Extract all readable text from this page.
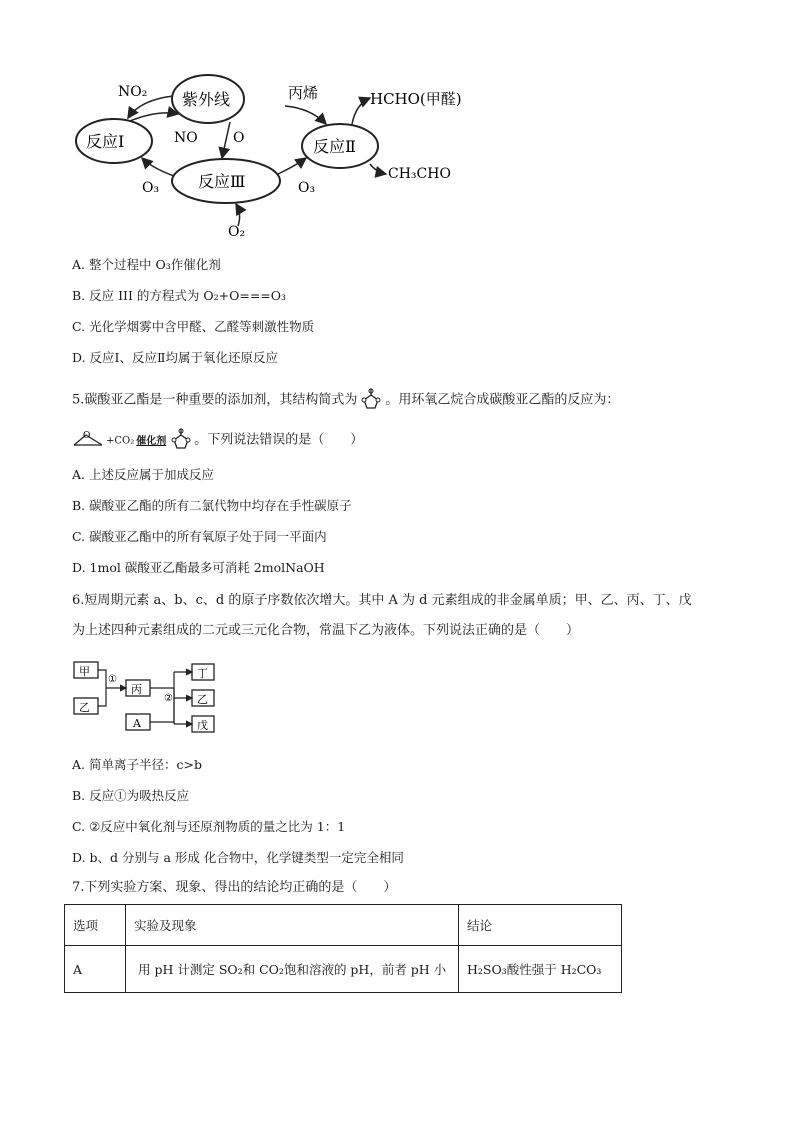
紫外线
反应Ⅰ
反应Ⅲ
反应Ⅱ
NO₂
NO	O
O₃	O₃
O₂
丙烯	HCHO(甲醛)
CH₃CHO
A. 整个过程中 O₃作催化剂
B. 反应 III 的方程式为 O₂+O===O₃
C. 光化学烟雾中含甲醛、乙醛等刺激性物质
D. 反应Ⅰ、反应Ⅱ均属于氧化还原反应
5.碳酸亚乙酯是一种重要的添加剂，其结构简式为 。用环氧乙烷合成碳酸亚乙酯的反应为：
O +CO₂ 催化剂 。下列说法错误的是（　　）
A. 上述反应属于加成反应
B. 碳酸亚乙酯的所有二氯代物中均存在手性碳原子
C. 碳酸亚乙酯中的所有氧原子处于同一平面内
D. 1mol 碳酸亚乙酯最多可消耗 2molNaOH
6.短周期元素 a、b、c、d 的原子序数依次增大。其中 A 为 d 元素组成的非金属单质；甲、乙、丙、丁、戊
为上述四种元素组成的二元或三元化合物，常温下乙为液体。下列说法正确的是（　　）
甲
乙
丙
A
丁
乙
戊
①
②
A. 简单离子半径：c>b
B. 反应①为吸热反应
C. ②反应中氧化剂与还原剂物质的量之比为 1：1
D. b、d 分别与 a 形成 化合物中，化学键类型一定完全相同
7.下列实验方案、现象、得出的结论均正确的是（　　）
选项	实验及现象	结论
A	用 pH 计测定 SO₂和 CO₂饱和溶液的 pH，前者 pH 小	H₂SO₃酸性强于 H₂CO₃
